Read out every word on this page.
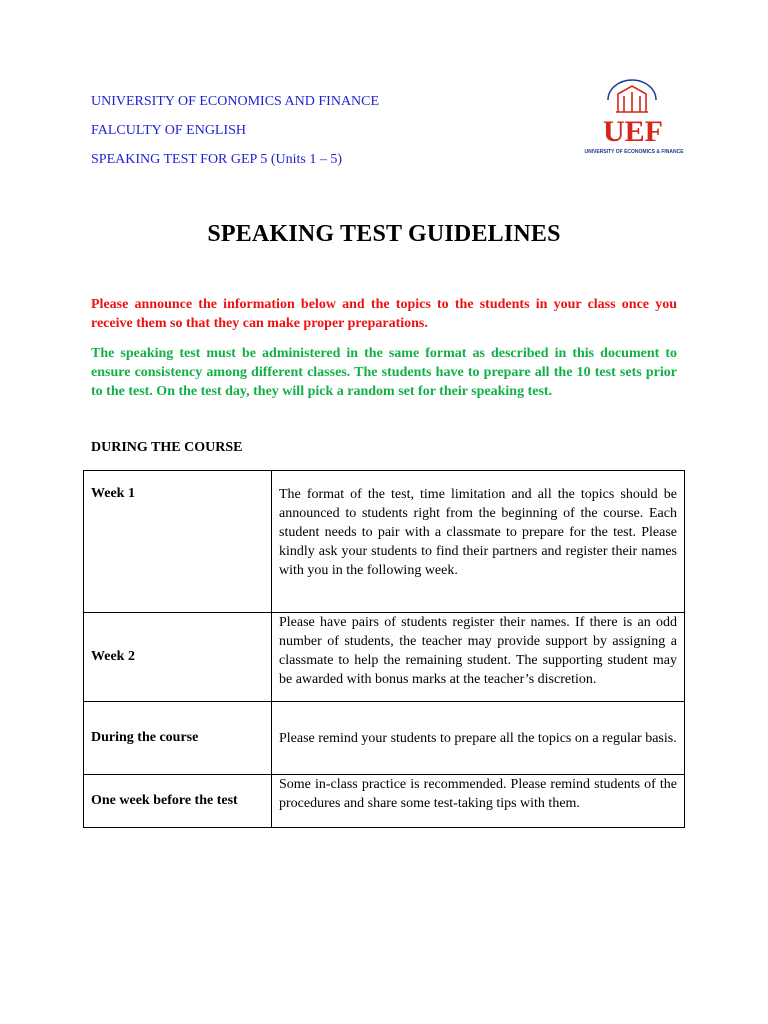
UNIVERSITY OF ECONOMICS AND FINANCE
FALCULTY OF ENGLISH
SPEAKING TEST FOR GEP 5 (Units 1 – 5)
UEF
UNIVERSITY OF ECONOMICS & FINANCE
SPEAKING TEST GUIDELINES
Please announce the information below and the topics to the students in your class once you receive them so that they can make proper preparations.
The speaking test must be administered in the same format as described in this document to ensure consistency among different classes. The students have to prepare all the 10 test sets prior to the test. On the test day, they will pick a random set for their speaking test.
DURING THE COURSE
Week 1	The format of the test, time limitation and all the topics should be announced to students right from the beginning of the course. Each student needs to pair with a classmate to prepare for the test. Please kindly ask your students to find their partners and register their names with you in the following week.
Week 2	Please have pairs of students register their names. If there is an odd number of students, the teacher may provide support by assigning a classmate to help the remaining student. The supporting student may be awarded with bonus marks at the teacher’s discretion.
During the course	Please remind your students to prepare all the topics on a regular basis.
One week before the test	Some in-class practice is recommended. Please remind students of the procedures and share some test-taking tips with them.
